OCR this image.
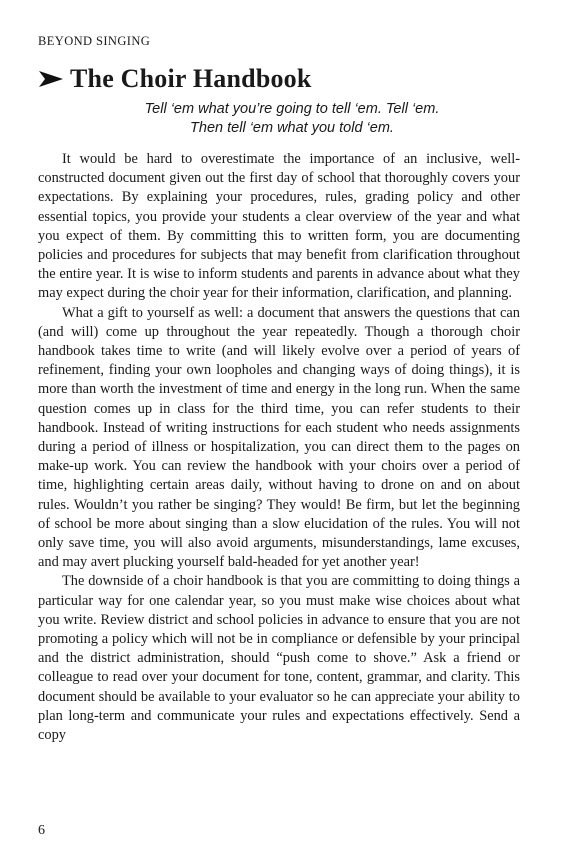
BEYOND SINGING
The Choir Handbook
Tell ‘em what you’re going to tell ‘em. Tell ‘em.
Then tell ‘em what you told ‘em.

It would be hard to overestimate the importance of an inclusive, well-constructed document given out the first day of school that thoroughly covers your expectations. By explaining your procedures, rules, grading policy and other essential topics, you provide your students a clear overview of the year and what you expect of them. By committing this to written form, you are documenting policies and procedures for subjects that may benefit from clarification throughout the entire year. It is wise to inform students and parents in advance about what they may expect during the choir year for their information, clarification, and planning.

What a gift to yourself as well: a document that answers the questions that can (and will) come up throughout the year repeatedly. Though a thorough choir handbook takes time to write (and will likely evolve over a period of years of refinement, finding your own loopholes and changing ways of doing things), it is more than worth the investment of time and energy in the long run. When the same question comes up in class for the third time, you can refer students to their handbook. Instead of writing instructions for each student who needs assignments during a period of illness or hospitalization, you can direct them to the pages on make-up work. You can review the handbook with your choirs over a period of time, highlighting certain areas daily, without having to drone on and on about rules. Wouldn’t you rather be singing? They would! Be firm, but let the beginning of school be more about singing than a slow elucidation of the rules. You will not only save time, you will also avoid arguments, misunderstandings, lame excuses, and may avert plucking yourself bald-headed for yet another year!

The downside of a choir handbook is that you are committing to doing things a particular way for one calendar year, so you must make wise choices about what you write. Review district and school policies in advance to ensure that you are not promoting a policy which will not be in compliance or defensible by your principal and the district administration, should “push come to shove.” Ask a friend or colleague to read over your document for tone, content, grammar, and clarity. This document should be available to your evaluator so he can appreciate your ability to plan long-term and communicate your rules and expectations effectively. Send a copy

6
